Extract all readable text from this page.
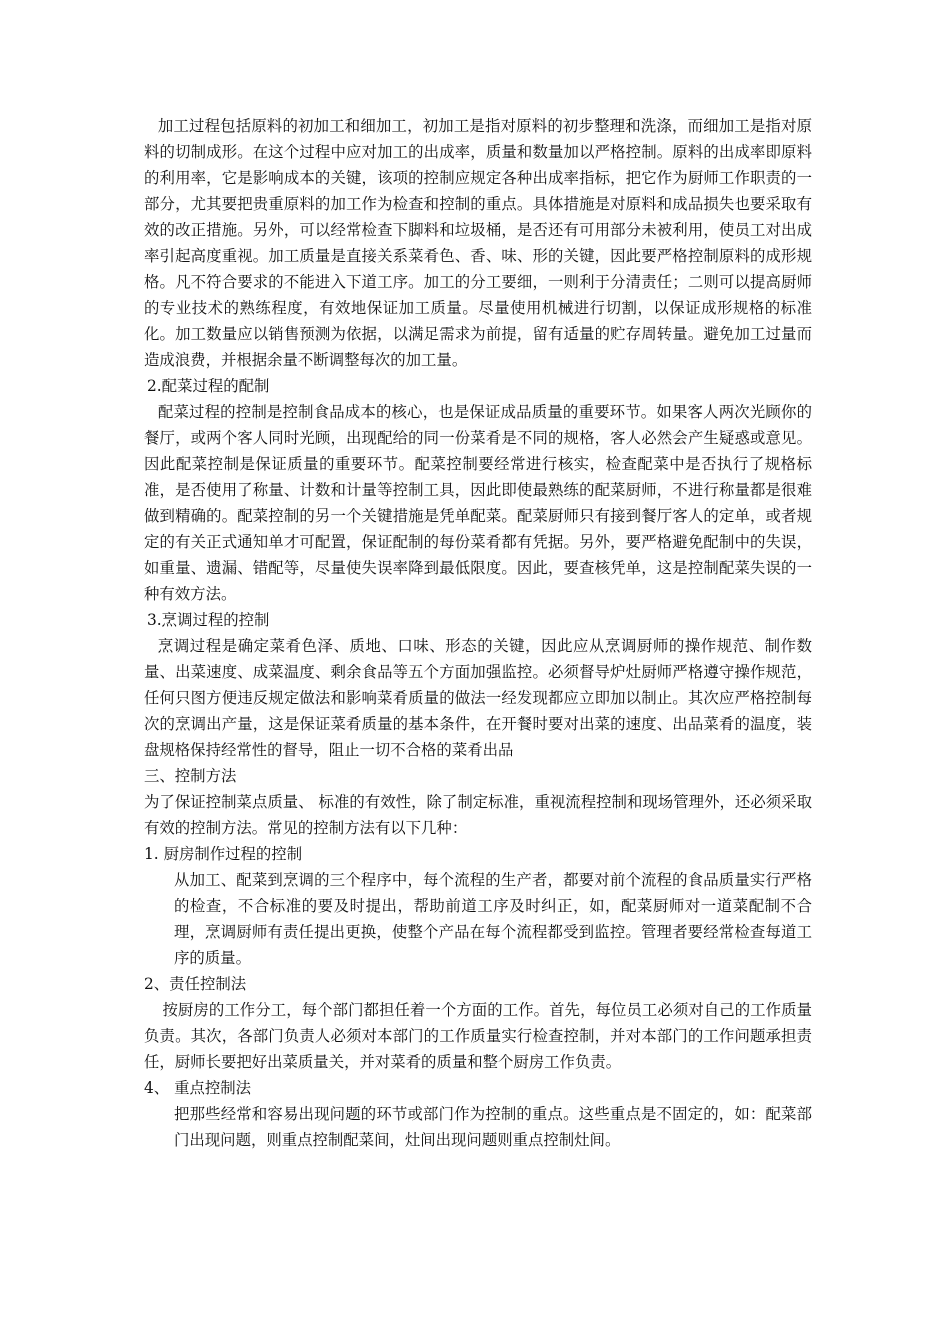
加工过程包括原料的初加工和细加工，初加工是指对原料的初步整理和洗涤，而细加工是指对原料的切制成形。在这个过程中应对加工的出成率，质量和数量加以严格控制。原料的出成率即原料的利用率，它是影响成本的关键，该项的控制应规定各种出成率指标，把它作为厨师工作职责的一部分，尤其要把贵重原料的加工作为检查和控制的重点。具体措施是对原料和成品损失也要采取有效的改正措施。另外，可以经常检查下脚料和垃圾桶，是否还有可用部分未被利用，使员工对出成率引起高度重视。加工质量是直接关系菜肴色、香、味、形的关键，因此要严格控制原料的成形规格。凡不符合要求的不能进入下道工序。加工的分工要细，一则利于分清责任；二则可以提高厨师的专业技术的熟练程度，有效地保证加工质量。尽量使用机械进行切割，以保证成形规格的标准化。加工数量应以销售预测为依据，以满足需求为前提，留有适量的贮存周转量。避免加工过量而造成浪费，并根据余量不断调整每次的加工量。

2.配菜过程的配制

配菜过程的控制是控制食品成本的核心，也是保证成品质量的重要环节。如果客人两次光顾你的餐厅，或两个客人同时光顾，出现配给的同一份菜肴是不同的规格，客人必然会产生疑惑或意见。因此配菜控制是保证质量的重要环节。配菜控制要经常进行核实，检查配菜中是否执行了规格标准，是否使用了称量、计数和计量等控制工具，因此即使最熟练的配菜厨师，不进行称量都是很难做到精确的。配菜控制的另一个关键措施是凭单配菜。配菜厨师只有接到餐厅客人的定单，或者规定的有关正式通知单才可配置，保证配制的每份菜肴都有凭据。另外，要严格避免配制中的失误，如重量、遗漏、错配等，尽量使失误率降到最低限度。因此，要查核凭单，这是控制配菜失误的一种有效方法。

3.烹调过程的控制

烹调过程是确定菜肴色泽、质地、口味、形态的关键，因此应从烹调厨师的操作规范、制作数量、出菜速度、成菜温度、剩余食品等五个方面加强监控。必须督导炉灶厨师严格遵守操作规范，任何只图方便违反规定做法和影响菜肴质量的做法一经发现都应立即加以制止。其次应严格控制每次的烹调出产量，这是保证菜肴质量的基本条件，在开餐时要对出菜的速度、出品菜肴的温度，装盘规格保持经常性的督导，阻止一切不合格的菜肴出品

三、控制方法

为了保证控制菜点质量、 标准的有效性，除了制定标准，重视流程控制和现场管理外，还必须采取有效的控制方法。常见的控制方法有以下几种：

1. 厨房制作过程的控制

从加工、配菜到烹调的三个程序中，每个流程的生产者，都要对前个流程的食品质量实行严格的检查，不合标准的要及时提出，帮助前道工序及时纠正，如，配菜厨师对一道菜配制不合理，烹调厨师有责任提出更换，使整个产品在每个流程都受到监控。管理者要经常检查每道工序的质量。

2、责任控制法

按厨房的工作分工，每个部门都担任着一个方面的工作。首先，每位员工必须对自己的工作质量负责。其次，各部门负责人必须对本部门的工作质量实行检查控制，并对本部门的工作问题承担责任，厨师长要把好出菜质量关，并对菜肴的质量和整个厨房工作负责。

4、 重点控制法

把那些经常和容易出现问题的环节或部门作为控制的重点。这些重点是不固定的，如：配菜部门出现问题，则重点控制配菜间，灶间出现问题则重点控制灶间。
